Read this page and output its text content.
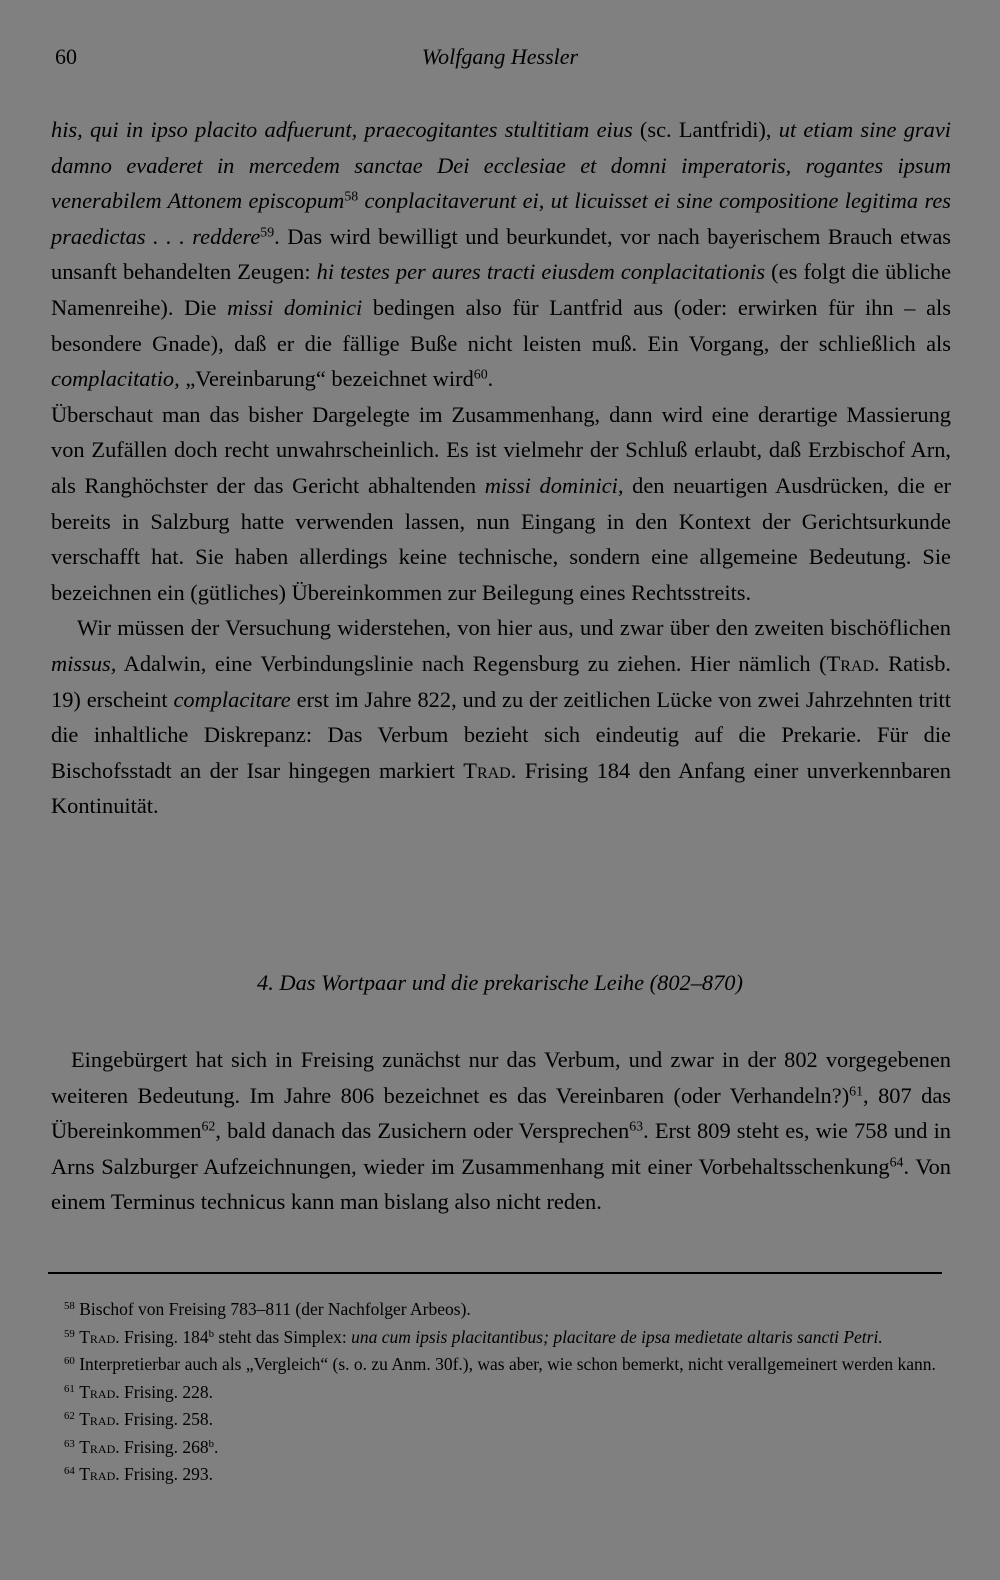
60	Wolfgang Hessler

his, qui in ipso placito adfuerunt, praecogitantes stultitiam eius (sc. Lantfridi), ut etiam sine gravi damno evaderet in mercedem sanctae Dei ecclesiae et domni imperatoris, rogantes ipsum venerabilem Attonem episcopum$^{58}$ conplacitaverunt ei, ut licuisset ei sine compositione legitima res praedictas . . . reddere$^{59}$. Das wird bewilligt und beurkundet, vor nach bayerischem Brauch etwas unsanft behandelten Zeugen: hi testes per aures tracti eiusdem conplacitationis (es folgt die übliche Namenreihe). Die missi dominici bedingen also für Lantfrid aus (oder: erwirken für ihn – als besondere Gnade), daß er die fällige Buße nicht leisten muß. Ein Vorgang, der schließlich als complacitatio, „Vereinbarung“ bezeichnet wird$^{60}$.

Überschaut man das bisher Dargelegte im Zusammenhang, dann wird eine derartige Massierung von Zufällen doch recht unwahrscheinlich. Es ist vielmehr der Schluß erlaubt, daß Erzbischof Arn, als Ranghöchster der das Gericht abhaltenden missi dominici, den neuartigen Ausdrücken, die er bereits in Salzburg hatte verwenden lassen, nun Eingang in den Kontext der Gerichtsurkunde verschafft hat. Sie haben allerdings keine technische, sondern eine allgemeine Bedeutung. Sie bezeichnen ein (gütliches) Übereinkommen zur Beilegung eines Rechtsstreits.

Wir müssen der Versuchung widerstehen, von hier aus, und zwar über den zweiten bischöflichen missus, Adalwin, eine Verbindungslinie nach Regensburg zu ziehen. Hier nämlich (Trad. Ratisb. 19) erscheint complacitare erst im Jahre 822, und zu der zeitlichen Lücke von zwei Jahrzehnten tritt die inhaltliche Diskrepanz: Das Verbum bezieht sich eindeutig auf die Prekarie. Für die Bischofsstadt an der Isar hingegen markiert Trad. Frising 184 den Anfang einer unverkennbaren Kontinuität.

4. Das Wortpaar und die prekarische Leihe (802–870)

Eingebürgert hat sich in Freising zunächst nur das Verbum, und zwar in der 802 vorgegebenen weiteren Bedeutung. Im Jahre 806 bezeichnet es das Vereinbaren (oder Verhandeln?)$^{61}$, 807 das Übereinkommen$^{62}$, bald danach das Zusichern oder Versprechen$^{63}$. Erst 809 steht es, wie 758 und in Arns Salzburger Aufzeichnungen, wieder im Zusammenhang mit einer Vorbehaltsschenkung$^{64}$. Von einem Terminus technicus kann man bislang also nicht reden.

$^{58}$ Bischof von Freising 783–811 (der Nachfolger Arbeos).

$^{59}$ Trad. Frising. 184$^b$ steht das Simplex: una cum ipsis placitantibus; placitare de ipsa medietate altaris sancti Petri.

$^{60}$ Interpretierbar auch als „Vergleich“ (s. o. zu Anm. 30f.), was aber, wie schon bemerkt, nicht verallgemeinert werden kann.

$^{61}$ Trad. Frising. 228.

$^{62}$ Trad. Frising. 258.

$^{63}$ Trad. Frising. 268$^b$.

$^{64}$ Trad. Frising. 293.
